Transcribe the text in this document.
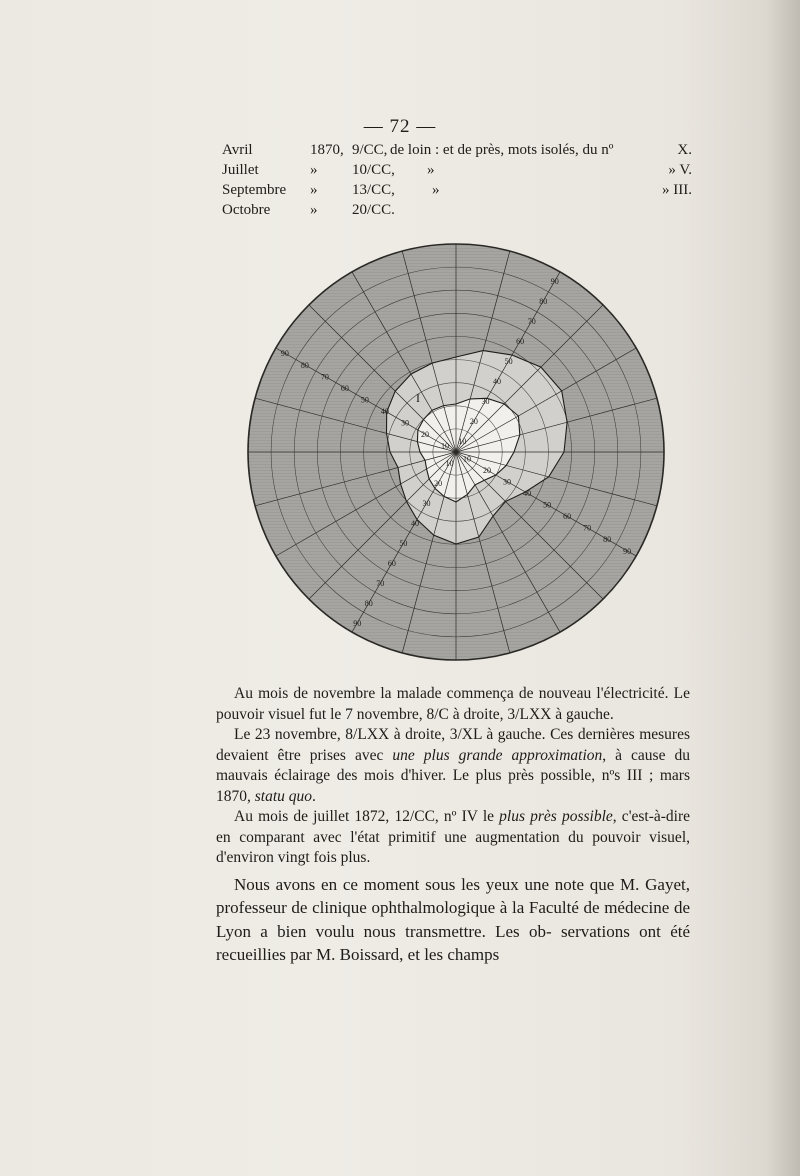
— 72 —
Avril	1870, 9/CC, de loin : et de près, mots isolés, du nº	X.
Juillet	» 10/CC, »	» V.
Septembre » 13/CC, »	» III.
Octobre	» 20/CC.
10
20
30
40
50
60
70
80
90
10
20
30
40
50
60
70
80
90
10
20
30
40
50
60
70
80
90
10
20
30
40
50
60
70
80
90
I

Au mois de novembre la malade commença de nouveau l'électricité. Le pouvoir visuel fut le 7 novembre, 8/C à droite, 3/LXX à gauche.

Le 23 novembre, 8/LXX à droite, 3/XL à gauche. Ces dernières mesures devaient être prises avec une plus grande approximation, à cause du mauvais éclairage des mois d'hiver. Le plus près possible, nºs III ; mars 1870, statu quo.

Au mois de juillet 1872, 12/CC, nº IV le plus près possible, c'est-à-dire en comparant avec l'état primitif une augmentation du pouvoir visuel, d'environ vingt fois plus.

Nous avons en ce moment sous les yeux une note que M. Gayet, professeur de clinique ophthalmologique à la Faculté de médecine de Lyon a bien voulu nous transmettre. Les ob- servations ont été recueillies par M. Boissard, et les champs
